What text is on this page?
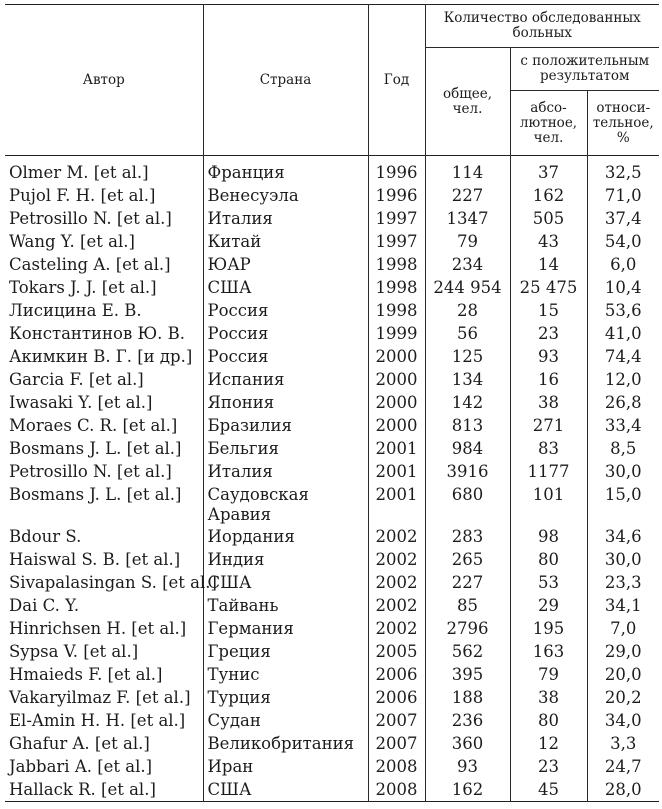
Автор	Страна	Год	Количество обследованных больных		
			общее, чел.	с положительным результатом	
				абсо- лютное, чел.	относи- тельное, %
Olmer M. [et al.]	Франция	1996	114	37	32,5
Pujol F. H. [et al.]	Венесуэла	1996	227	162	71,0
Petrosillo N. [et al.]	Италия	1997	1347	505	37,4
Wang Y. [et al.]	Китай	1997	79	43	54,0
Casteling A. [et al.]	ЮАР	1998	234	14	6,0
Tokars J. J. [et al.]	США	1998	244 954	25 475	10,4
Лисицина Е. В.	Россия	1998	28	15	53,6
Константинов Ю. В.	Россия	1999	56	23	41,0
Акимкин В. Г. [и др.]	Россия	2000	125	93	74,4
Garcia F. [et al.]	Испания	2000	134	16	12,0
Iwasaki Y. [et al.]	Япония	2000	142	38	26,8
Moraes C. R. [et al.]	Бразилия	2000	813	271	33,4
Bosmans J. L. [et al.]	Бельгия	2001	984	83	8,5
Petrosillo N. [et al.]	Италия	2001	3916	1177	30,0
Bosmans J. L. [et al.]	Саудовская Аравия	2001	680	101	15,0
Bdour S.	Иордания	2002	283	98	34,6
Haiswal S. B. [et al.]	Индия	2002	265	80	30,0
Sivapalasingan S. [et al.]	США	2002	227	53	23,3
Dai C. Y.	Тайвань	2002	85	29	34,1
Hinrichsen H. [et al.]	Германия	2002	2796	195	7,0
Sypsa V. [et al.]	Греция	2005	562	163	29,0
Hmaieds F. [et al.]	Тунис	2006	395	79	20,0
Vakaryilmaz F. [et al.]	Турция	2006	188	38	20,2
El-Amin H. H. [et al.]	Судан	2007	236	80	34,0
Ghafur A. [et al.]	Великобритания	2007	360	12	3,3
Jabbari A. [et al.]	Иран	2008	93	23	24,7
Hallack R. [et al.]	США	2008	162	45	28,0
